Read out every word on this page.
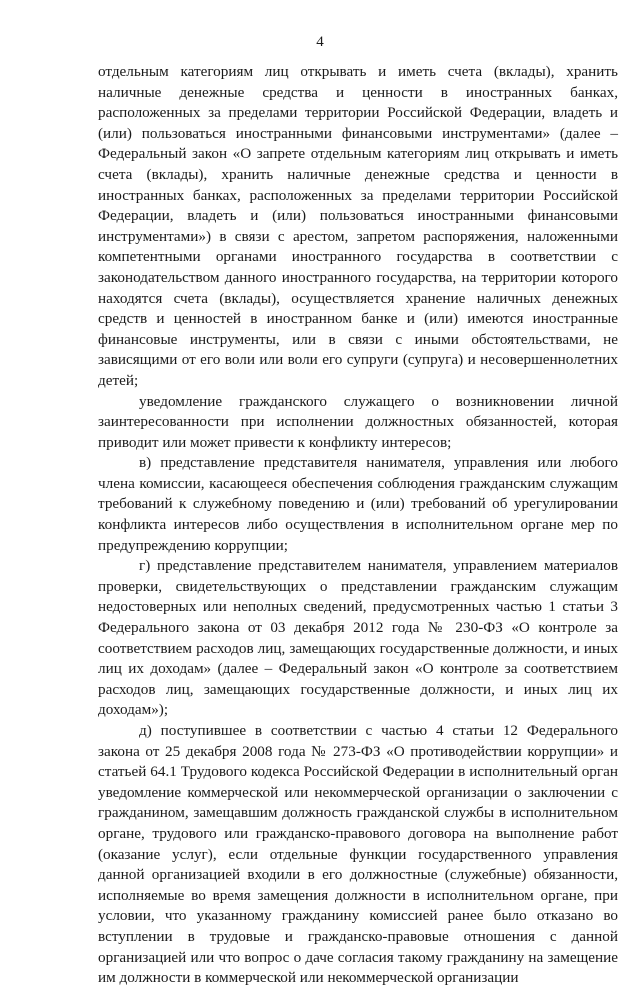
4

отдельным категориям лиц открывать и иметь счета (вклады), хранить наличные денежные средства и ценности в иностранных банках, расположенных за пределами территории Российской Федерации, владеть и (или) пользоваться иностранными финансовыми инструментами» (далее – Федеральный закон «О запрете отдельным категориям лиц открывать и иметь счета (вклады), хранить наличные денежные средства и ценности в иностранных банках, расположенных за пределами территории Российской Федерации, владеть и (или) пользоваться иностранными финансовыми инструментами») в связи с арестом, запретом распоряжения, наложенными компетентными органами иностранного государства в соответствии с законодательством данного иностранного государства, на территории которого находятся счета (вклады), осуществляется хранение наличных денежных средств и ценностей в иностранном банке и (или) имеются иностранные финансовые инструменты, или в связи с иными обстоятельствами, не зависящими от его воли или воли его супруги (супруга) и несовершеннолетних детей;

уведомление гражданского служащего о возникновении личной заинтересованности при исполнении должностных обязанностей, которая приводит или может привести к конфликту интересов;

в) представление представителя нанимателя, управления или любого члена комиссии, касающееся обеспечения соблюдения гражданским служащим требований к служебному поведению и (или) требований об урегулировании конфликта интересов либо осуществления в исполнительном органе мер по предупреждению коррупции;

г) представление представителем нанимателя, управлением материалов проверки, свидетельствующих о представлении гражданским служащим недостоверных или неполных сведений, предусмотренных частью 1 статьи 3 Федерального закона от 03 декабря 2012 года № 230-ФЗ «О контроле за соответствием расходов лиц, замещающих государственные должности, и иных лиц их доходам» (далее – Федеральный закон «О контроле за соответствием расходов лиц, замещающих государственные должности, и иных лиц их доходам»);

д) поступившее в соответствии с частью 4 статьи 12 Федерального закона от 25 декабря 2008 года № 273-ФЗ «О противодействии коррупции» и статьей 64.1 Трудового кодекса Российской Федерации в исполнительный орган уведомление коммерческой или некоммерческой организации о заключении с гражданином, замещавшим должность гражданской службы в исполнительном органе, трудового или гражданско-правового договора на выполнение работ (оказание услуг), если отдельные функции государственного управления данной организацией входили в его должностные (служебные) обязанности, исполняемые во время замещения должности в исполнительном органе, при условии, что указанному гражданину комиссией ранее было отказано во вступлении в трудовые и гражданско-правовые отношения с данной организацией или что вопрос о даче согласия такому гражданину на замещение им должности в коммерческой или некоммерческой организации
